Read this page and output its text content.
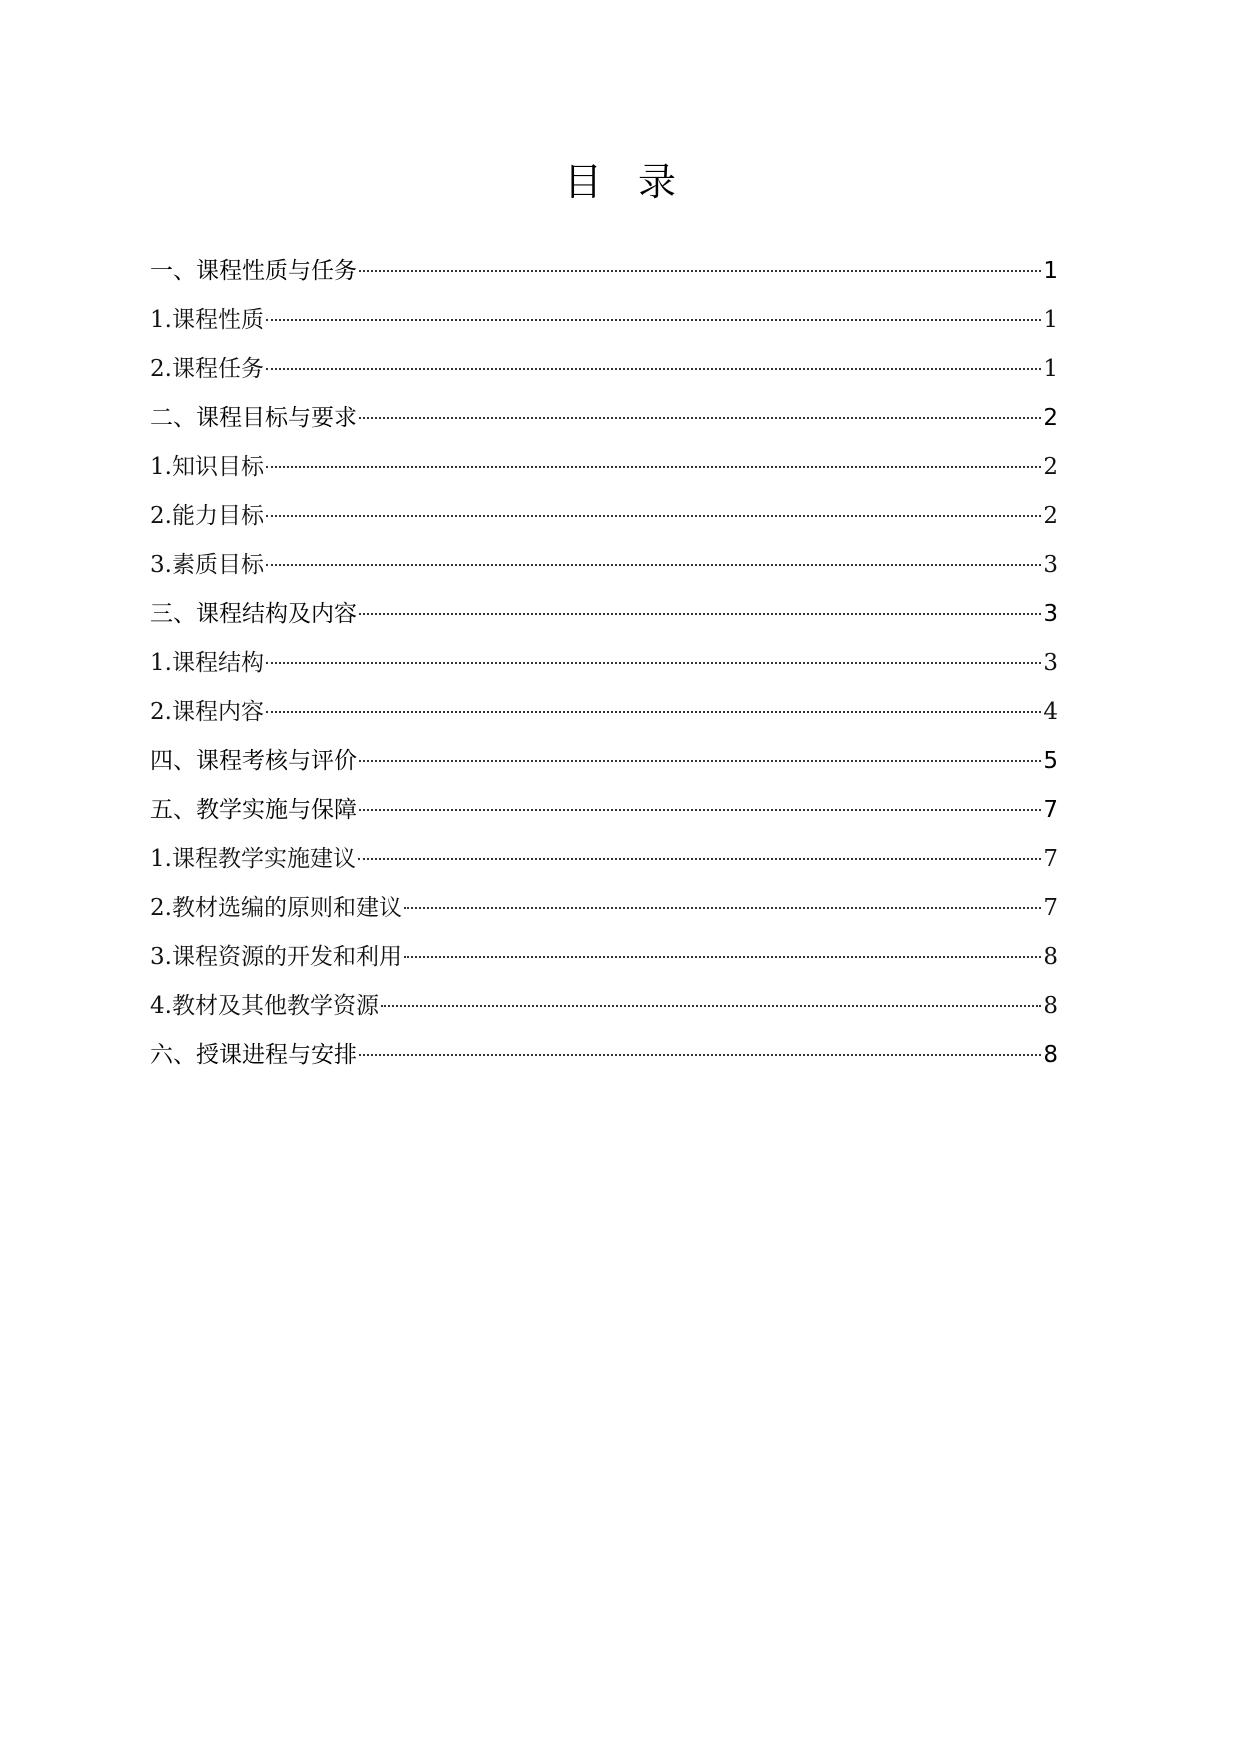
目 录
一、课程性质与任务	1
1.课程性质	1
2.课程任务	1
二、课程目标与要求	2
1.知识目标	2
2.能力目标	2
3.素质目标	3
三、课程结构及内容	3
1.课程结构	3
2.课程内容	4
四、课程考核与评价	5
五、教学实施与保障	7
1.课程教学实施建议	7
2.教材选编的原则和建议	7
3.课程资源的开发和利用	8
4.教材及其他教学资源	8
六、授课进程与安排	8
